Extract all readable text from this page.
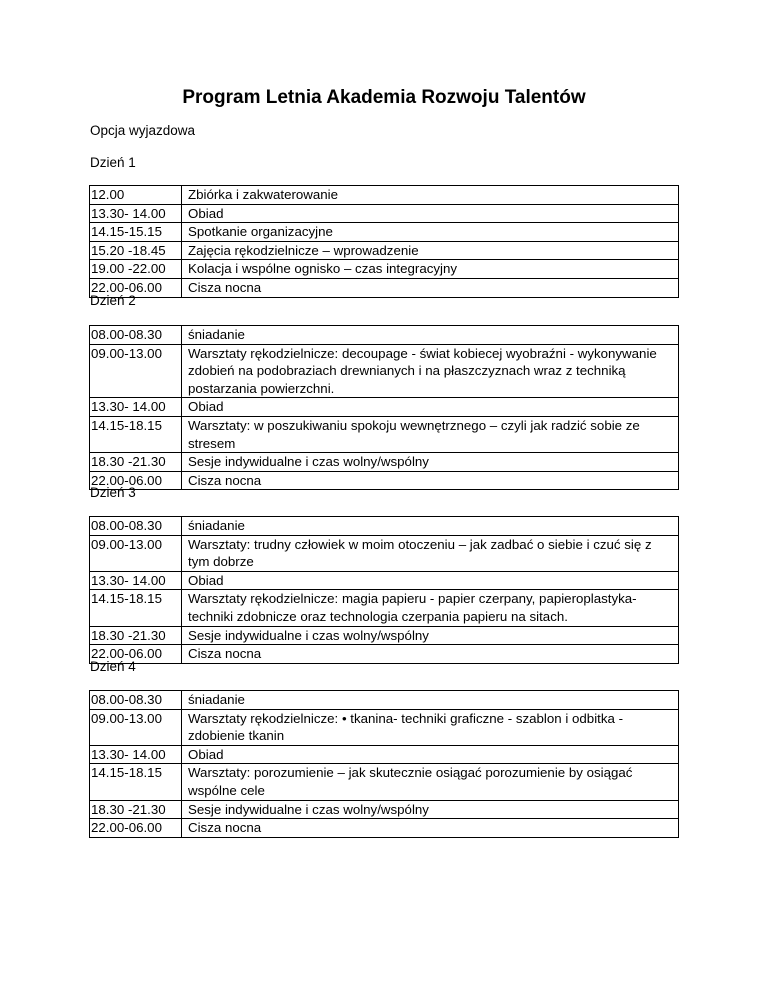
Program Letnia Akademia Rozwoju Talentów
Opcja wyjazdowa
Dzień 1
12.00	Zbiórka i zakwaterowanie
13.30- 14.00	Obiad
14.15-15.15	Spotkanie organizacyjne
15.20 -18.45	Zajęcia rękodzielnicze – wprowadzenie
19.00 -22.00	Kolacja i wspólne ognisko – czas integracyjny
22.00-06.00	Cisza nocna
Dzień 2
08.00-08.30	śniadanie
09.00-13.00	Warsztaty rękodzielnicze: decoupage - świat kobiecej wyobraźni - wykonywanie zdobień na podobraziach drewnianych i na płaszczyznach wraz z techniką postarzania powierzchni.
13.30- 14.00	Obiad
14.15-18.15	Warsztaty: w poszukiwaniu spokoju wewnętrznego – czyli jak radzić sobie ze stresem
18.30 -21.30	Sesje indywidualne i czas wolny/wspólny
22.00-06.00	Cisza nocna
Dzień 3
08.00-08.30	śniadanie
09.00-13.00	Warsztaty: trudny człowiek w moim otoczeniu – jak zadbać o siebie i czuć się z tym dobrze
13.30- 14.00	Obiad
14.15-18.15	Warsztaty rękodzielnicze: magia papieru - papier czerpany, papieroplastyka- techniki zdobnicze oraz technologia czerpania papieru na sitach.
18.30 -21.30	Sesje indywidualne i czas wolny/wspólny
22.00-06.00	Cisza nocna
Dzień 4
08.00-08.30	śniadanie
09.00-13.00	Warsztaty rękodzielnicze: • tkanina- techniki graficzne - szablon i odbitka - zdobienie tkanin
13.30- 14.00	Obiad
14.15-18.15	Warsztaty: porozumienie – jak skutecznie osiągać porozumienie by osiągać wspólne cele
18.30 -21.30	Sesje indywidualne i czas wolny/wspólny
22.00-06.00	Cisza nocna
